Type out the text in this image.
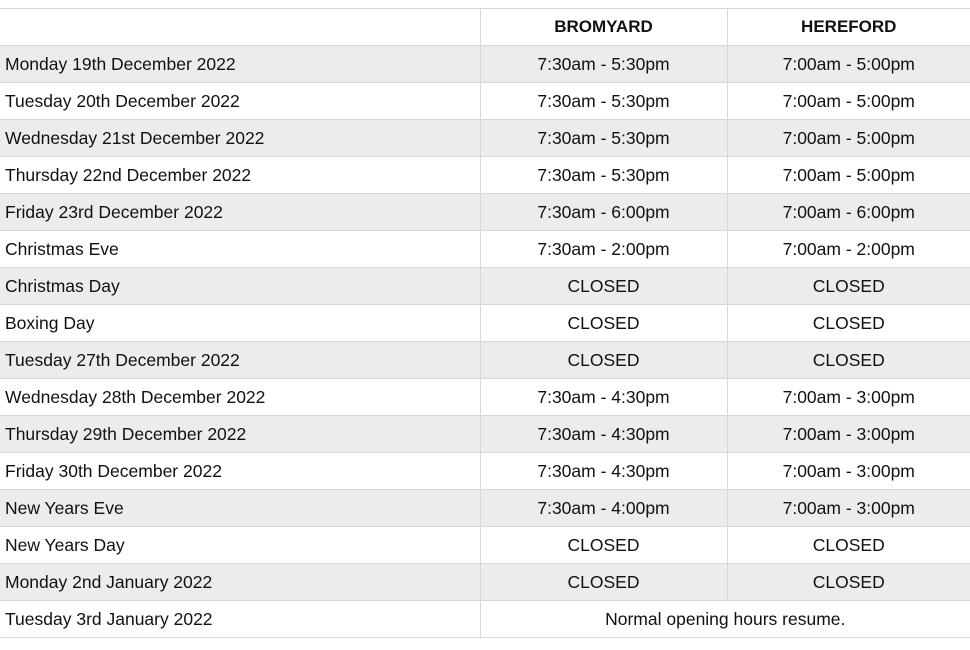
	BROMYARD	HEREFORD
Monday 19th December 2022	7:30am - 5:30pm	7:00am - 5:00pm
Tuesday 20th December 2022	7:30am - 5:30pm	7:00am - 5:00pm
Wednesday 21st December 2022	7:30am - 5:30pm	7:00am - 5:00pm
Thursday 22nd December 2022	7:30am - 5:30pm	7:00am - 5:00pm
Friday 23rd December 2022	7:30am - 6:00pm	7:00am - 6:00pm
Christmas Eve	7:30am - 2:00pm	7:00am - 2:00pm
Christmas Day	CLOSED	CLOSED
Boxing Day	CLOSED	CLOSED
Tuesday 27th December 2022	CLOSED	CLOSED
Wednesday 28th December 2022	7:30am - 4:30pm	7:00am - 3:00pm
Thursday 29th December 2022	7:30am - 4:30pm	7:00am - 3:00pm
Friday 30th December 2022	7:30am - 4:30pm	7:00am - 3:00pm
New Years Eve	7:30am - 4:00pm	7:00am - 3:00pm
New Years Day	CLOSED	CLOSED
Monday 2nd January 2022	CLOSED	CLOSED
Tuesday 3rd January 2022	Normal opening hours resume.	
